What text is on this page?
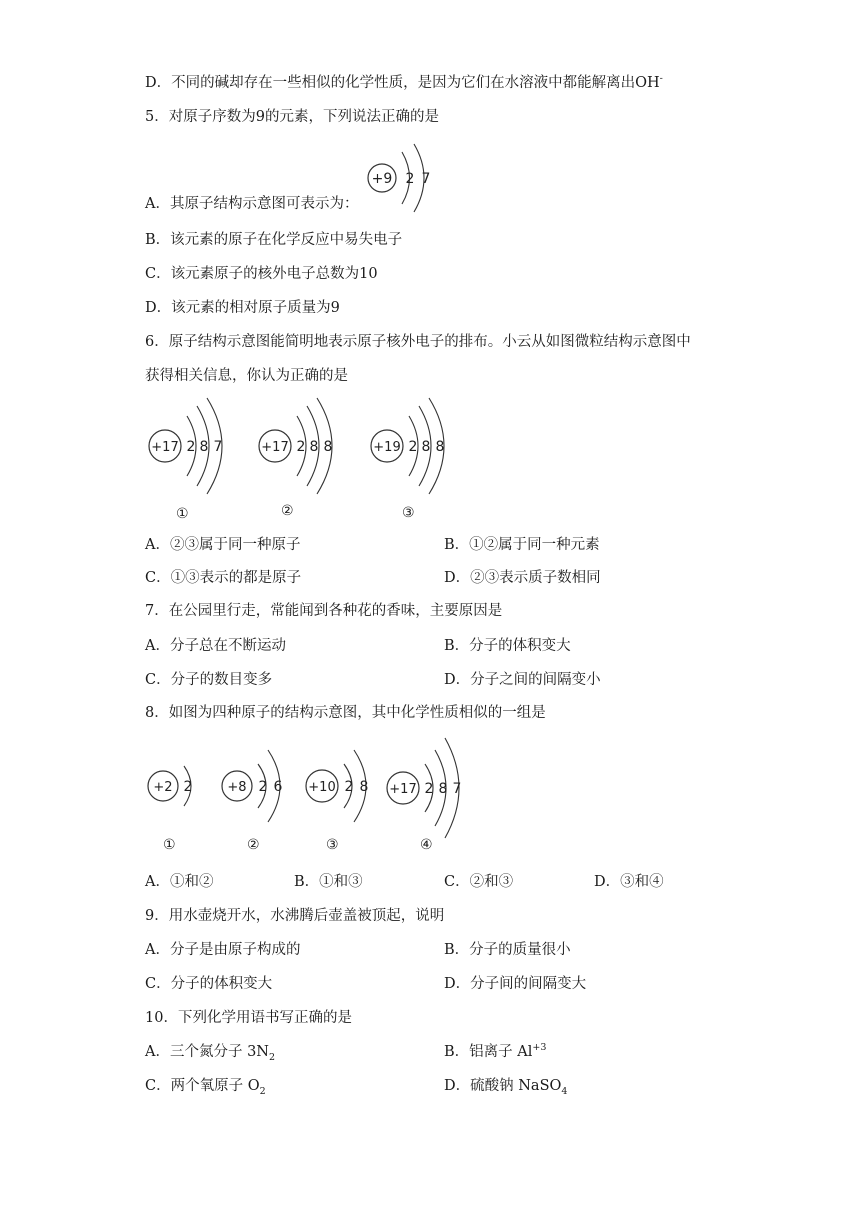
D．不同的碱却存在一些相似的化学性质，是因为它们在水溶液中都能解离出OH-
5．对原子序数为9的元素，下列说法正确的是
+9 2 7
A．其原子结构示意图可表示为：
B．该元素的原子在化学反应中易失电子
C．该元素原子的核外电子总数为10
D．该元素的相对原子质量为9
6．原子结构示意图能简明地表示原子核外电子的排布。小云从如图微粒结构示意图中
获得相关信息，你认为正确的是
+17 2 8 7
①
+17 2 8 8
②
+19 2 8 8
③
A．②③属于同一种原子	B．①②属于同一种元素
C．①③表示的都是原子	D．②③表示质子数相同
7．在公园里行走，常能闻到各种花的香味，主要原因是
A．分子总在不断运动	B．分子的体积变大
C．分子的数目变多	D．分子之间的间隔变小
8．如图为四种原子的结构示意图，其中化学性质相似的一组是
+2 2
①
+8 2 6
②
+10 2 8
③
+17 2 8 7
④
A．①和②	B．①和③	C．②和③	D．③和④
9．用水壶烧开水，水沸腾后壶盖被顶起，说明
A．分子是由原子构成的	B．分子的质量很小
C．分子的体积变大	D．分子间的间隔变大
10．下列化学用语书写正确的是
A．三个氮分子 $3N_2$	B．铝离子 $Al^{+3}$
C．两个氧原子 $O_2$	D．硫酸钠 NaSO$_4$
